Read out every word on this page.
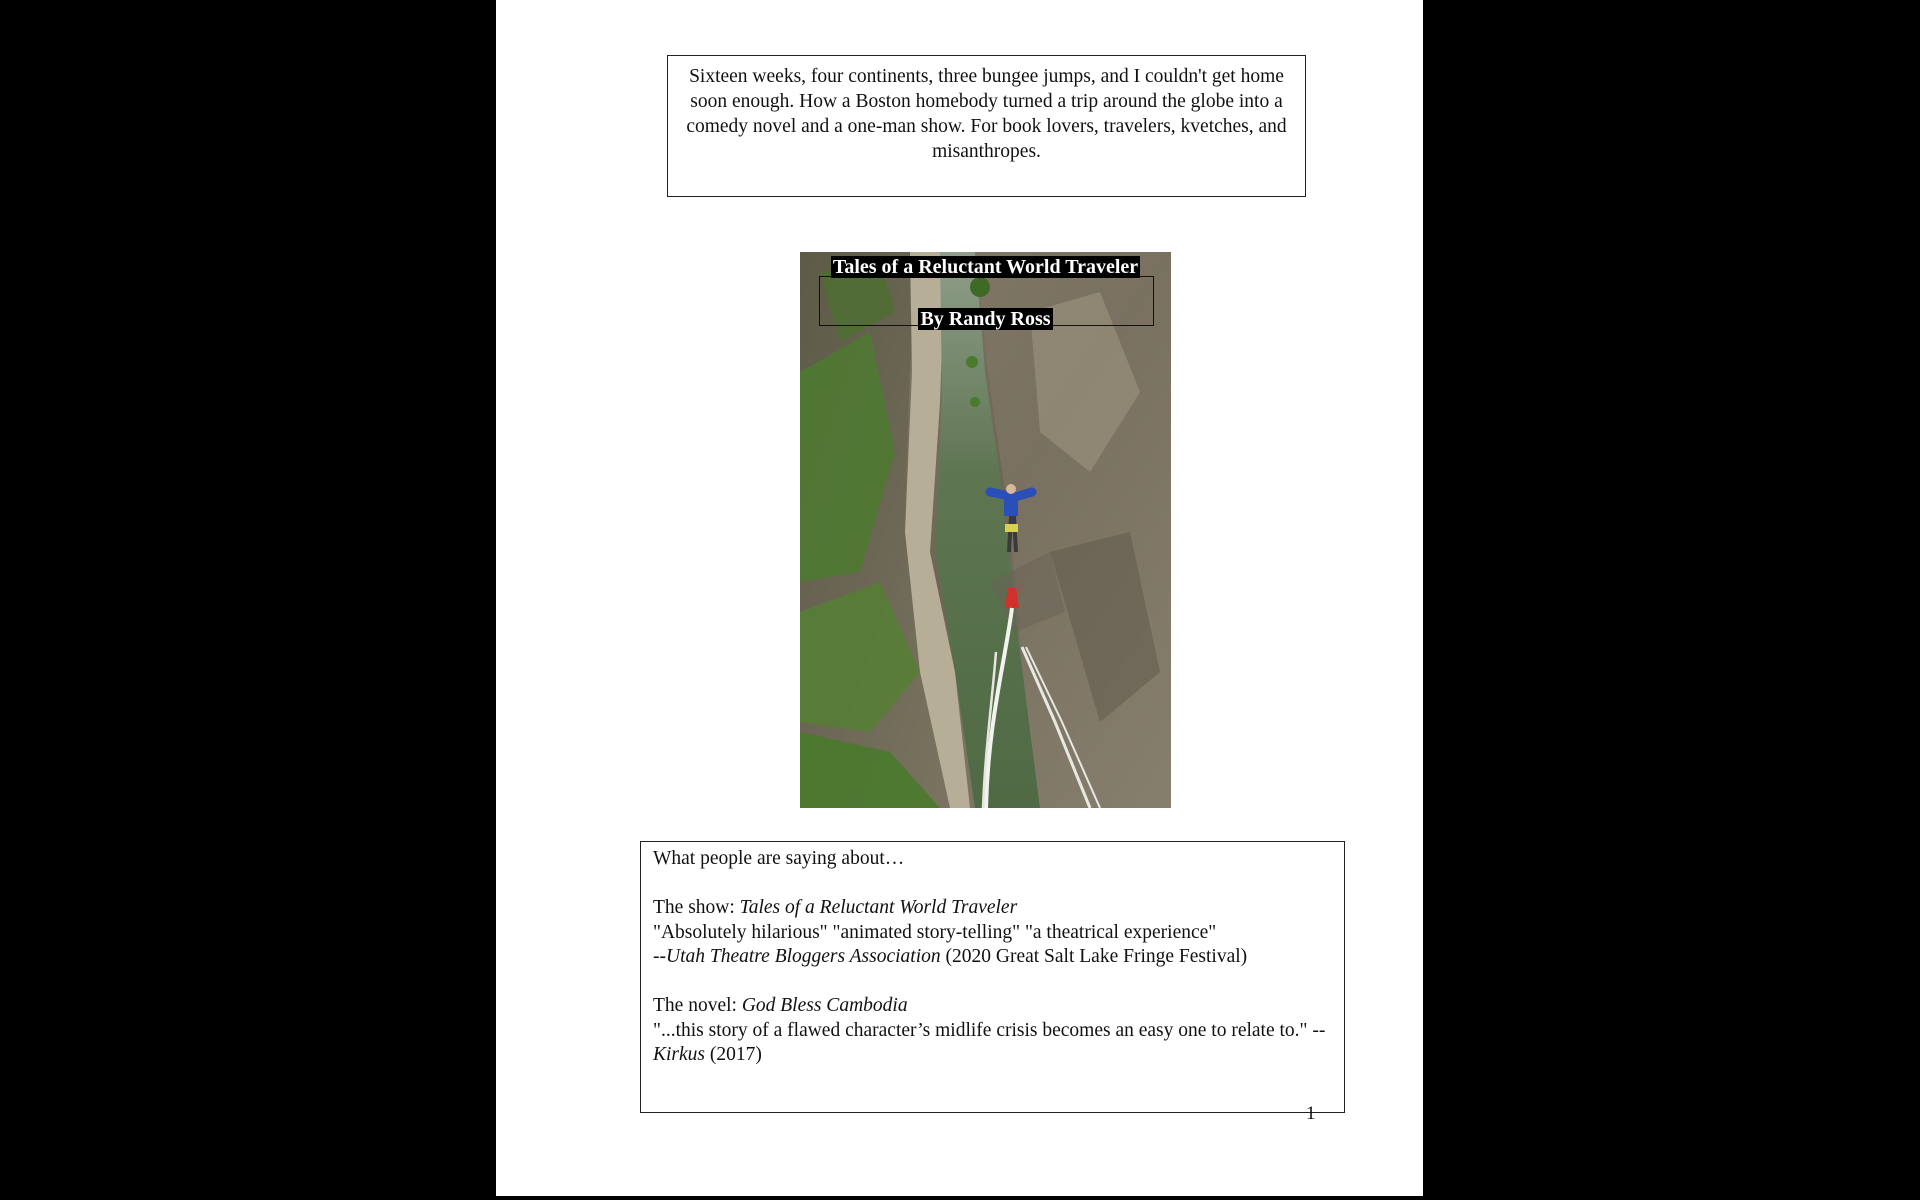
Sixteen weeks, four continents, three bungee jumps, and I couldn't get home soon enough. How a Boston homebody turned a trip around the globe into a comedy novel and a one-man show. For book lovers, travelers, kvetches, and misanthropes.
Tales of a Reluctant World Traveler
By Randy Ross

What people are saying about…

The show: Tales of a Reluctant World Traveler

"Absolutely hilarious" "animated story-telling" "a theatrical experience"

--Utah Theatre Bloggers Association (2020 Great Salt Lake Fringe Festival)

The novel: God Bless Cambodia

"...this story of a flawed character’s midlife crisis becomes an easy one to relate to." --Kirkus (2017)

1
